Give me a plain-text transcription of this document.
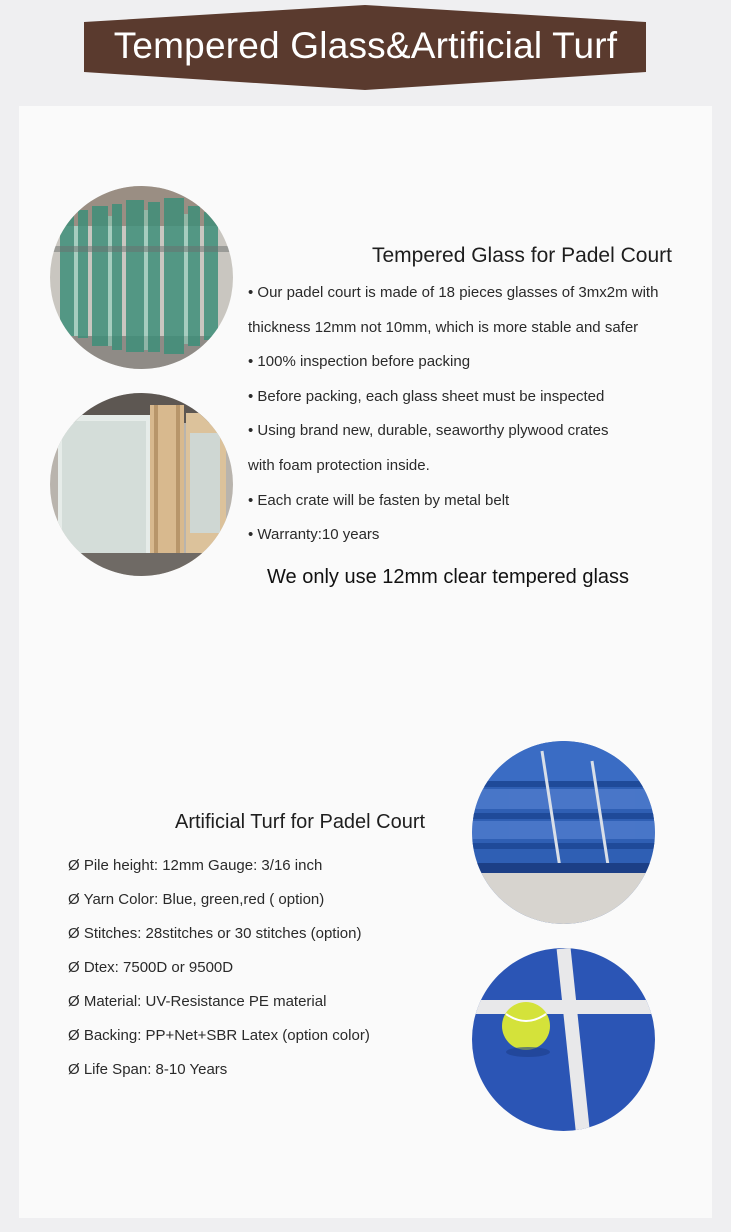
Tempered Glass&Artificial Turf
Tempered Glass for Padel Court
• Our padel court is made of 18 pieces glasses of 3mx2m with
thickness 12mm not 10mm, which is more stable and safer
• 100% inspection before packing
• Before packing, each glass sheet must be inspected
• Using brand new, durable, seaworthy plywood crates
with foam protection inside.
• Each crate will be fasten by metal belt
• Warranty:10 years
We only use 12mm clear tempered glass
Artificial Turf for Padel Court
Ø Pile height: 12mm Gauge: 3/16 inch
Ø Yarn Color: Blue, green,red ( option)
Ø Stitches: 28stitches or 30 stitches (option)
Ø Dtex: 7500D or 9500D
Ø Material: UV-Resistance PE material
Ø Backing: PP+Net+SBR Latex (option color)
Ø Life Span: 8-10 Years
